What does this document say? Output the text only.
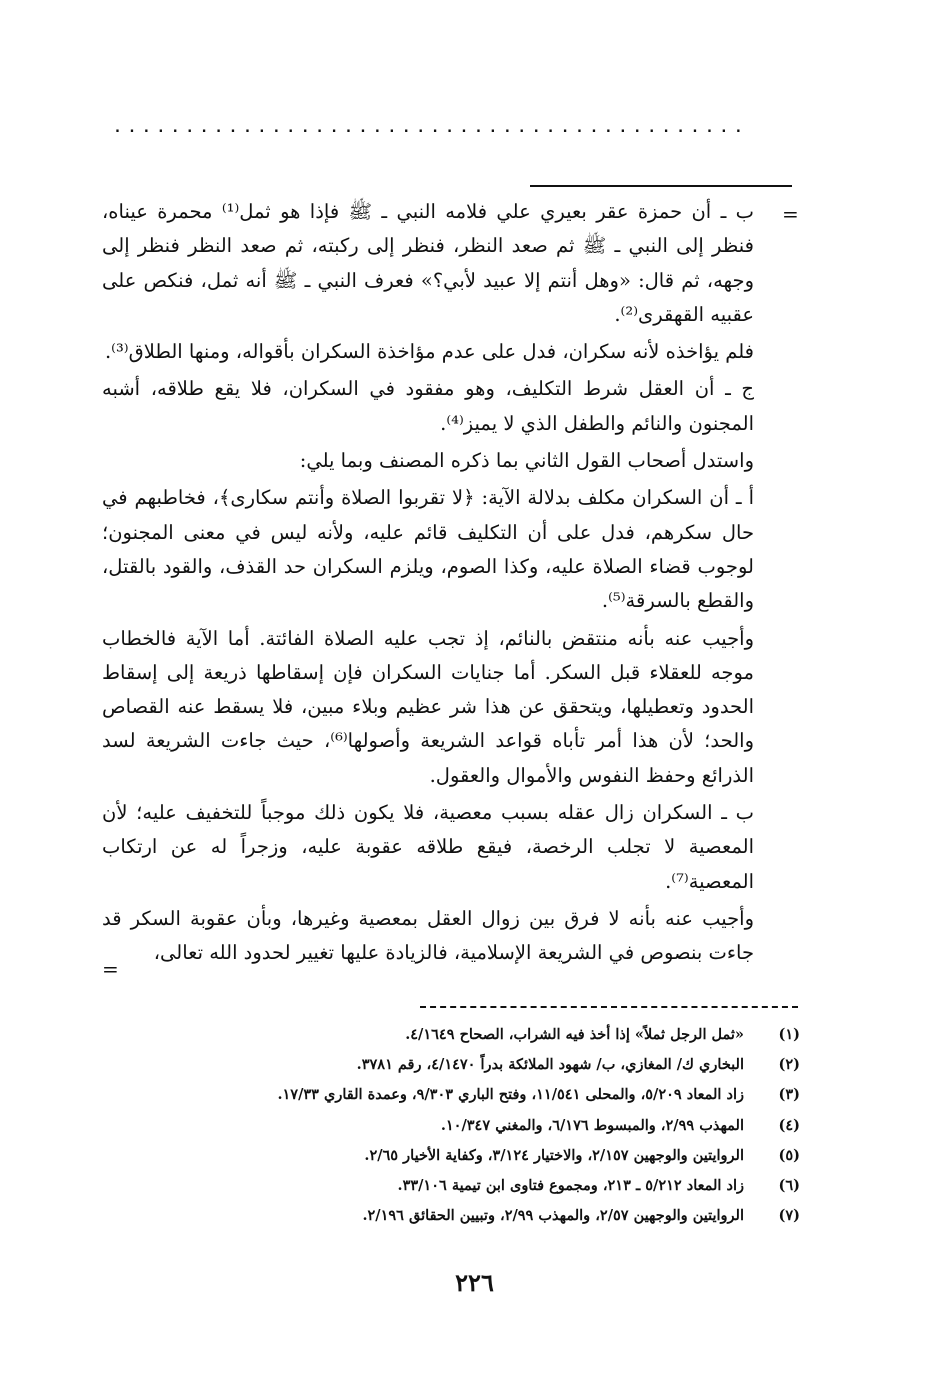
............................................
=

ب ـ أن حمزة عقر بعيري علي فلامه النبي ـ ﷺ فإذا هو ثمل⁽¹⁾ محمرة عيناه، فنظر إلى النبي ـ ﷺ ثم صعد النظر، فنظر إلى ركبته، ثم صعد النظر فنظر إلى وجهه، ثم قال: «وهل أنتم إلا عبيد لأبي؟» فعرف النبي ـ ﷺ أنه ثمل، فنكص على عقبيه القهقرى⁽²⁾.

فلم يؤاخذه لأنه سكران، فدل على عدم مؤاخذة السكران بأقواله، ومنها الطلاق⁽³⁾.

ج ـ أن العقل شرط التكليف، وهو مفقود في السكران، فلا يقع طلاقه، أشبه المجنون والنائم والطفل الذي لا يميز⁽⁴⁾.

واستدل أصحاب القول الثاني بما ذكره المصنف وبما يلي:

أ ـ أن السكران مكلف بدلالة الآية: ﴿لا تقربوا الصلاة وأنتم سكارى﴾، فخاطبهم في حال سكرهم، فدل على أن التكليف قائم عليه، ولأنه ليس في معنى المجنون؛ لوجوب قضاء الصلاة عليه، وكذا الصوم، ويلزم السكران حد القذف، والقود بالقتل، والقطع بالسرقة⁽⁵⁾.

وأجيب عنه بأنه منتقض بالنائم، إذ تجب عليه الصلاة الفائتة. أما الآية فالخطاب موجه للعقلاء قبل السكر. أما جنايات السكران فإن إسقاطها ذريعة إلى إسقاط الحدود وتعطيلها، ويتحقق عن هذا شر عظيم وبلاء مبين، فلا يسقط عنه القصاص والحد؛ لأن هذا أمر تأباه قواعد الشريعة وأصولها⁽⁶⁾، حيث جاءت الشريعة لسد الذرائع وحفظ النفوس والأموال والعقول.

ب ـ السكران زال عقله بسبب معصية، فلا يكون ذلك موجباً للتخفيف عليه؛ لأن المعصية لا تجلب الرخصة، فيقع طلاقه عقوبة عليه، وزجراً له عن ارتكاب المعصية⁽⁷⁾.

وأجيب عنه بأنه لا فرق بين زوال العقل بمعصية وغيرها، وبأن عقوبة السكر قد جاءت بنصوص في الشريعة الإسلامية، فالزيادة عليها تغيير لحدود الله تعالى،

=
(١)
«ثمل الرجل ثملاً» إذا أخذ فيه الشراب، الصحاح ٤/١٦٤٩.
(٢)
البخاري ك/ المغازي، ب/ شهود الملائكة بدراً ٤/١٤٧٠، رقم ٣٧٨١.
(٣)
زاد المعاد ٥/٢٠٩، والمحلى ١١/٥٤١، وفتح الباري ٩/٣٠٣، وعمدة القاري ١٧/٣٣.
(٤)
المهذب ٢/٩٩، والمبسوط ٦/١٧٦، والمغني ١٠/٣٤٧.
(٥)
الروايتين والوجهين ٢/١٥٧، والاختيار ٣/١٢٤، وكفاية الأخيار ٢/٦٥.
(٦)
زاد المعاد ٥/٢١٢ ـ ٢١٣، ومجموع فتاوى ابن تيمية ٣٣/١٠٦.
(٧)
الروايتين والوجهين ٢/٥٧، والمهذب ٢/٩٩، وتبيين الحقائق ٢/١٩٦.
٢٢٦
